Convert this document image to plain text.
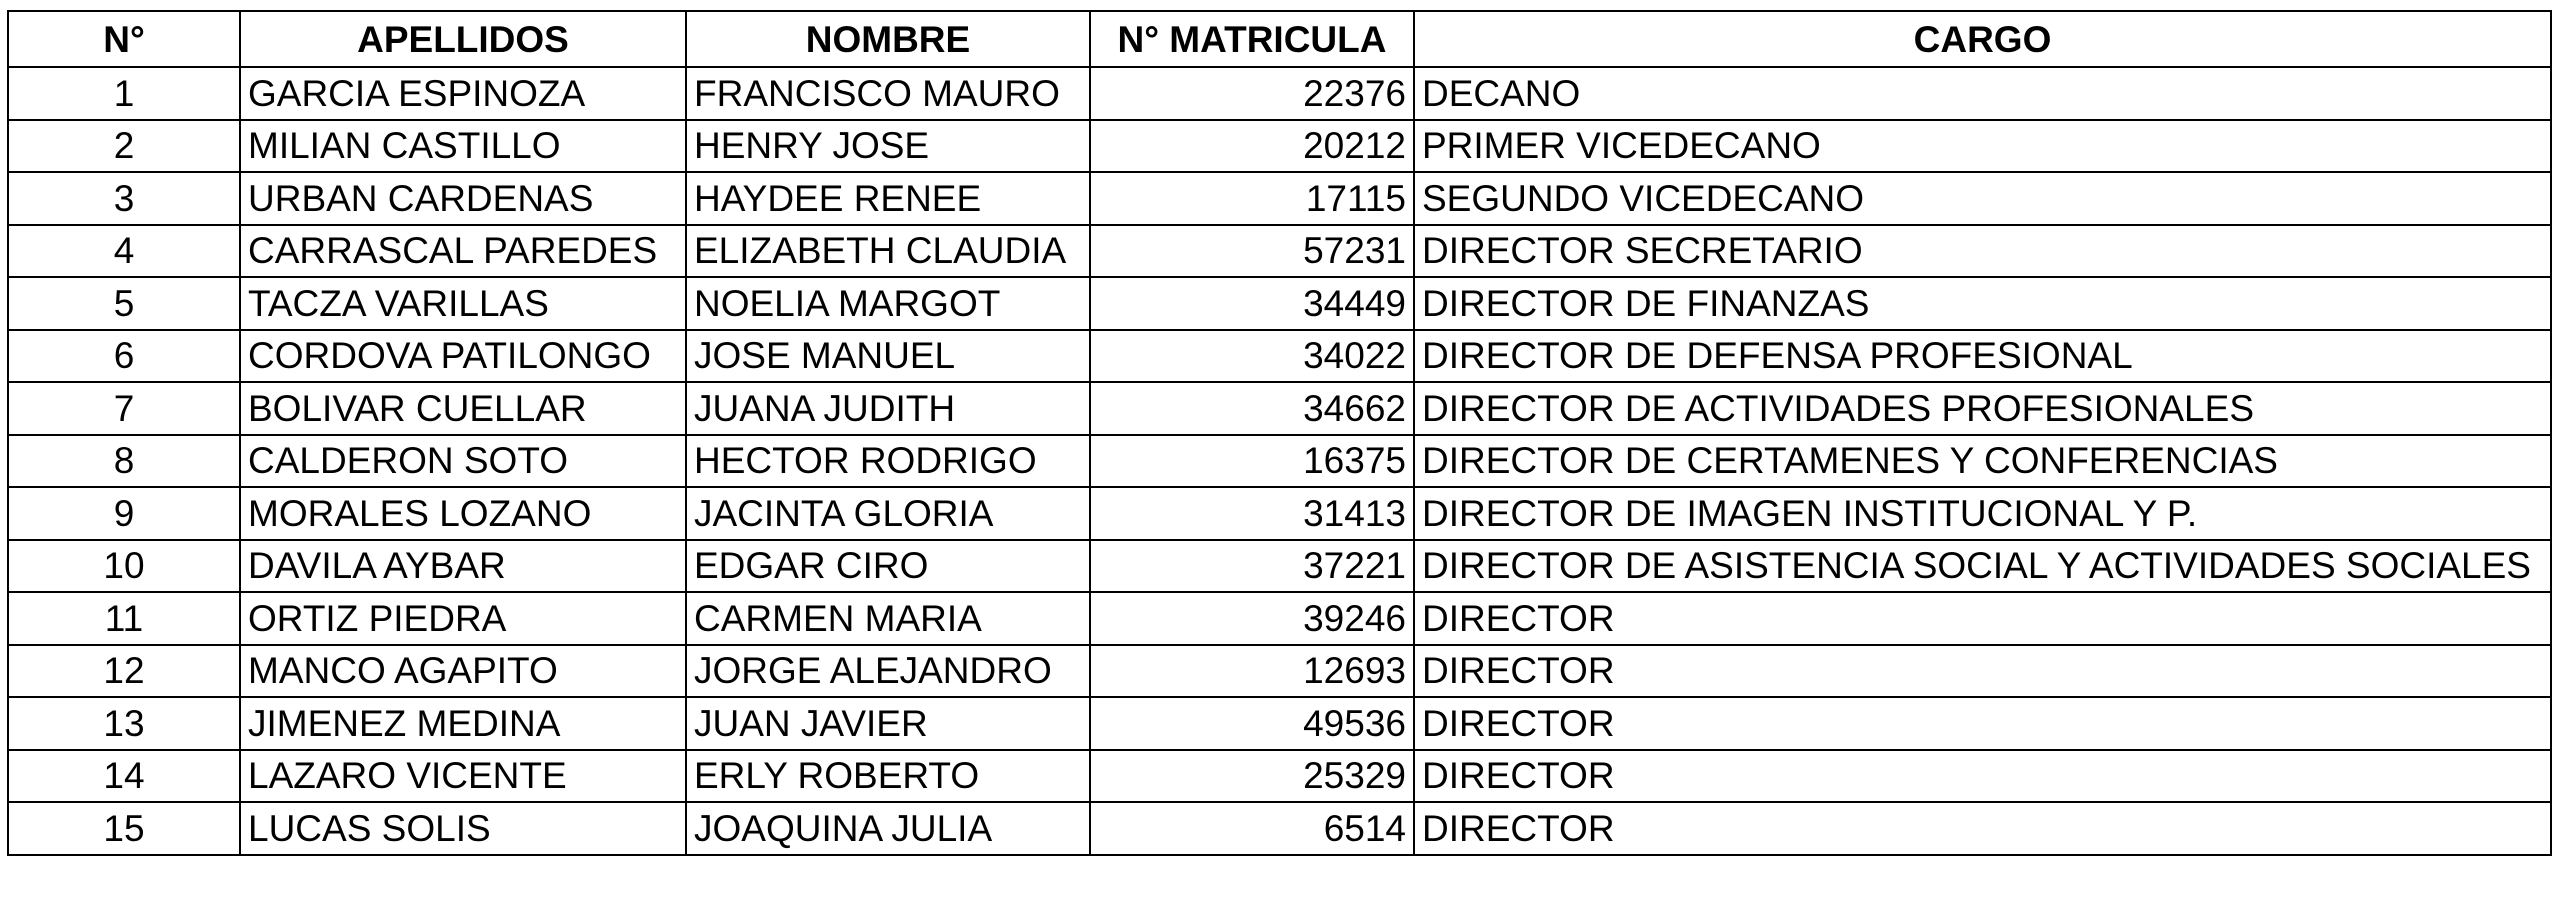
N°	APELLIDOS	NOMBRE	N° MATRICULA	CARGO
1	GARCIA ESPINOZA	FRANCISCO MAURO	22376	DECANO
2	MILIAN CASTILLO	HENRY JOSE	20212	PRIMER VICEDECANO
3	URBAN CARDENAS	HAYDEE RENEE	17115	SEGUNDO VICEDECANO
4	CARRASCAL PAREDES	ELIZABETH CLAUDIA	57231	DIRECTOR SECRETARIO
5	TACZA VARILLAS	NOELIA MARGOT	34449	DIRECTOR DE FINANZAS
6	CORDOVA PATILONGO	JOSE MANUEL	34022	DIRECTOR DE DEFENSA PROFESIONAL
7	BOLIVAR CUELLAR	JUANA JUDITH	34662	DIRECTOR DE ACTIVIDADES PROFESIONALES
8	CALDERON SOTO	HECTOR RODRIGO	16375	DIRECTOR DE CERTAMENES Y CONFERENCIAS
9	MORALES LOZANO	JACINTA GLORIA	31413	DIRECTOR DE IMAGEN INSTITUCIONAL Y P.
10	DAVILA AYBAR	EDGAR CIRO	37221	DIRECTOR DE ASISTENCIA SOCIAL Y ACTIVIDADES SOCIALES
11	ORTIZ PIEDRA	CARMEN MARIA	39246	DIRECTOR
12	MANCO AGAPITO	JORGE ALEJANDRO	12693	DIRECTOR
13	JIMENEZ MEDINA	JUAN JAVIER	49536	DIRECTOR
14	LAZARO VICENTE	ERLY ROBERTO	25329	DIRECTOR
15	LUCAS SOLIS	JOAQUINA JULIA	6514	DIRECTOR
